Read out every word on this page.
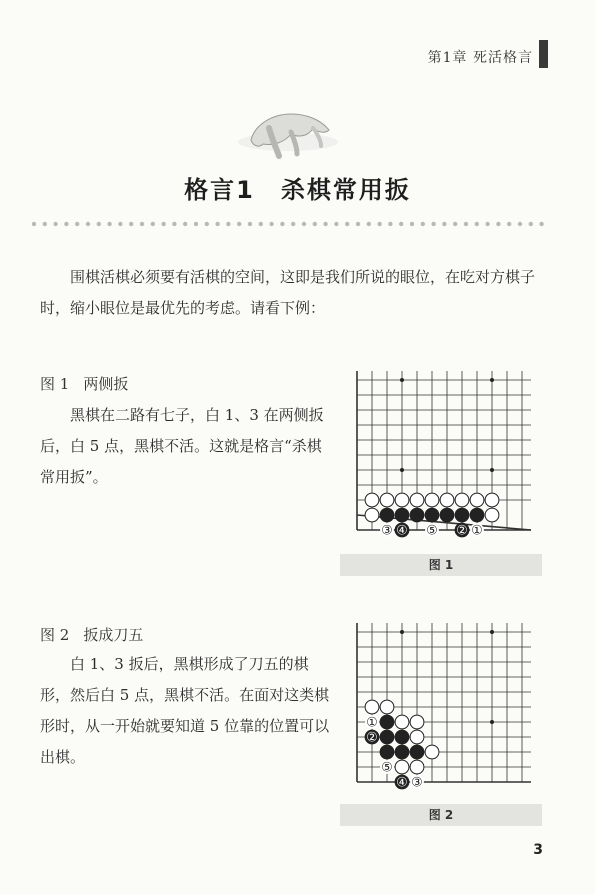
第1章 死活格言
格言1　杀棋常用扳
围棋活棋必须要有活棋的空间，这即是我们所说的眼位，在吃对方棋子时，缩小眼位是最优先的考虑。请看下例：
图 1 两侧扳
黑棋在二路有七子，白 1、3 在两侧扳后，白 5 点，黑棋不活。这就是格言“杀棋常用扳”。
③ ④ ⑤ ② ①
图 1
图 2 扳成刀五
白 1、3 扳后，黑棋形成了刀五的棋形，然后白 5 点，黑棋不活。在面对这类棋形时，从一开始就要知道 5 位靠的位置可以出棋。
①
②
⑤
④ ③
图 2
3
